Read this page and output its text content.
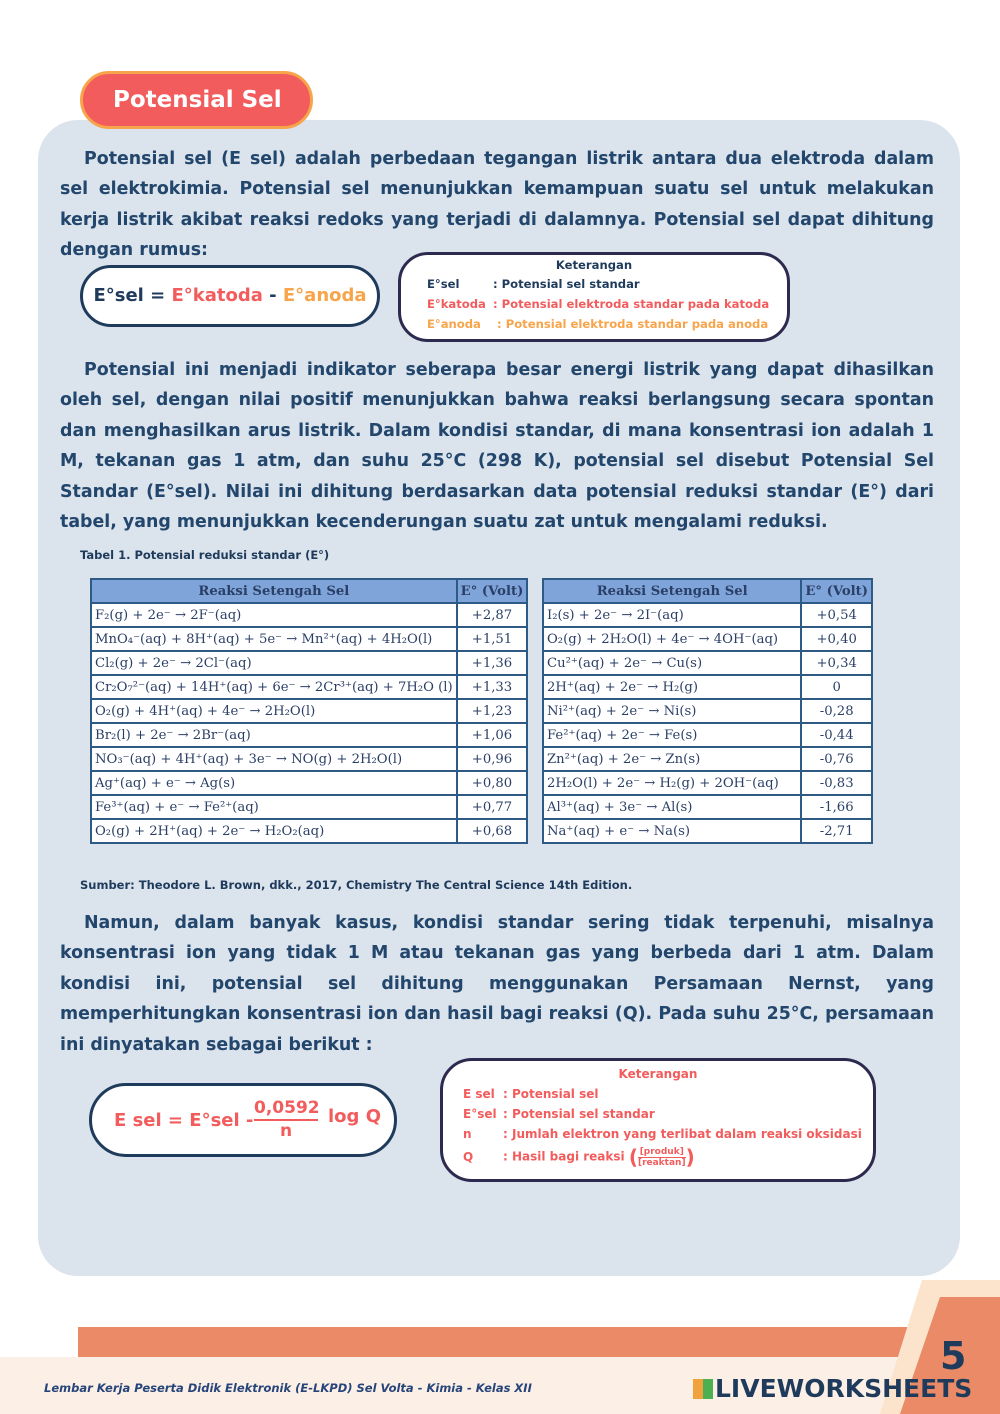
Potensial Sel

Potensial sel (E sel) adalah perbedaan tegangan listrik antara dua elektroda dalam sel elektrokimia. Potensial sel menunjukkan kemampuan suatu sel untuk melakukan kerja listrik akibat reaksi redoks yang terjadi di dalamnya. Potensial sel dapat dihitung dengan rumus:

E°sel = E°katoda - E°anoda
Keterangan
E°sel	: Potensial sel standar
E°katoda : Potensial elektroda standar pada katoda
E°anoda : Potensial elektroda standar pada anoda

Potensial ini menjadi indikator seberapa besar energi listrik yang dapat dihasilkan oleh sel, dengan nilai positif menunjukkan bahwa reaksi berlangsung secara spontan dan menghasilkan arus listrik. Dalam kondisi standar, di mana konsentrasi ion adalah 1 M, tekanan gas 1 atm, dan suhu 25°C (298 K), potensial sel disebut Potensial Sel Standar (E°sel). Nilai ini dihitung berdasarkan data potensial reduksi standar (E°) dari tabel, yang menunjukkan kecenderungan suatu zat untuk mengalami reduksi.

Tabel 1. Potensial reduksi standar (E°)
Reaksi Setengah Sel	E° (Volt)
F₂(g) + 2e⁻ → 2F⁻(aq)	+2,87
MnO₄⁻(aq) + 8H⁺(aq) + 5e⁻ → Mn²⁺(aq) + 4H₂O(l)	+1,51
Cl₂(g) + 2e⁻ → 2Cl⁻(aq)	+1,36
Cr₂O₇²⁻(aq) + 14H⁺(aq) + 6e⁻ → 2Cr³⁺(aq) + 7H₂O (l)	+1,33
O₂(g) + 4H⁺(aq) + 4e⁻ → 2H₂O(l)	+1,23
Br₂(l) + 2e⁻ → 2Br⁻(aq)	+1,06
NO₃⁻(aq) + 4H⁺(aq) + 3e⁻ → NO(g) + 2H₂O(l)	+0,96
Ag⁺(aq) + e⁻ → Ag(s)	+0,80
Fe³⁺(aq) + e⁻ → Fe²⁺(aq)	+0,77
O₂(g) + 2H⁺(aq) + 2e⁻ → H₂O₂(aq)	+0,68
Reaksi Setengah Sel	E° (Volt)
I₂(s) + 2e⁻ → 2I⁻(aq)	+0,54
O₂(g) + 2H₂O(l) + 4e⁻ → 4OH⁻(aq)	+0,40
Cu²⁺(aq) + 2e⁻ → Cu(s)	+0,34
2H⁺(aq) + 2e⁻ → H₂(g)	0
Ni²⁺(aq) + 2e⁻ → Ni(s)	-0,28
Fe²⁺(aq) + 2e⁻ → Fe(s)	-0,44
Zn²⁺(aq) + 2e⁻ → Zn(s)	-0,76
2H₂O(l) + 2e⁻ → H₂(g) + 2OH⁻(aq)	-0,83
Al³⁺(aq) + 3e⁻ → Al(s)	-1,66
Na⁺(aq) + e⁻ → Na(s)	-2,71
Sumber: Theodore L. Brown, dkk., 2017, Chemistry The Central Science 14th Edition.

Namun, dalam banyak kasus, kondisi standar sering tidak terpenuhi, misalnya konsentrasi ion yang tidak 1 M atau tekanan gas yang berbeda dari 1 atm. Dalam kondisi ini, potensial sel dihitung menggunakan Persamaan Nernst, yang memperhitungkan konsentrasi ion dan hasil bagi reaksi (Q). Pada suhu 25°C, persamaan ini dinyatakan sebagai berikut :

E sel = $E^\circ sel - \frac{0,0592}{n}$ log Q
Keterangan
E sel : Potensial sel
E°sel : Potensial sel standar
n	: Jumlah elektron yang terlibat dalam reaksi oksidasi
Q : Hasil bagi reaksi ( [produk]
[reaktan] )
5
Lembar Kerja Peserta Didik Elektronik (E-LKPD) Sel Volta - Kimia - Kelas XII	LIVEWORKSHEETS
